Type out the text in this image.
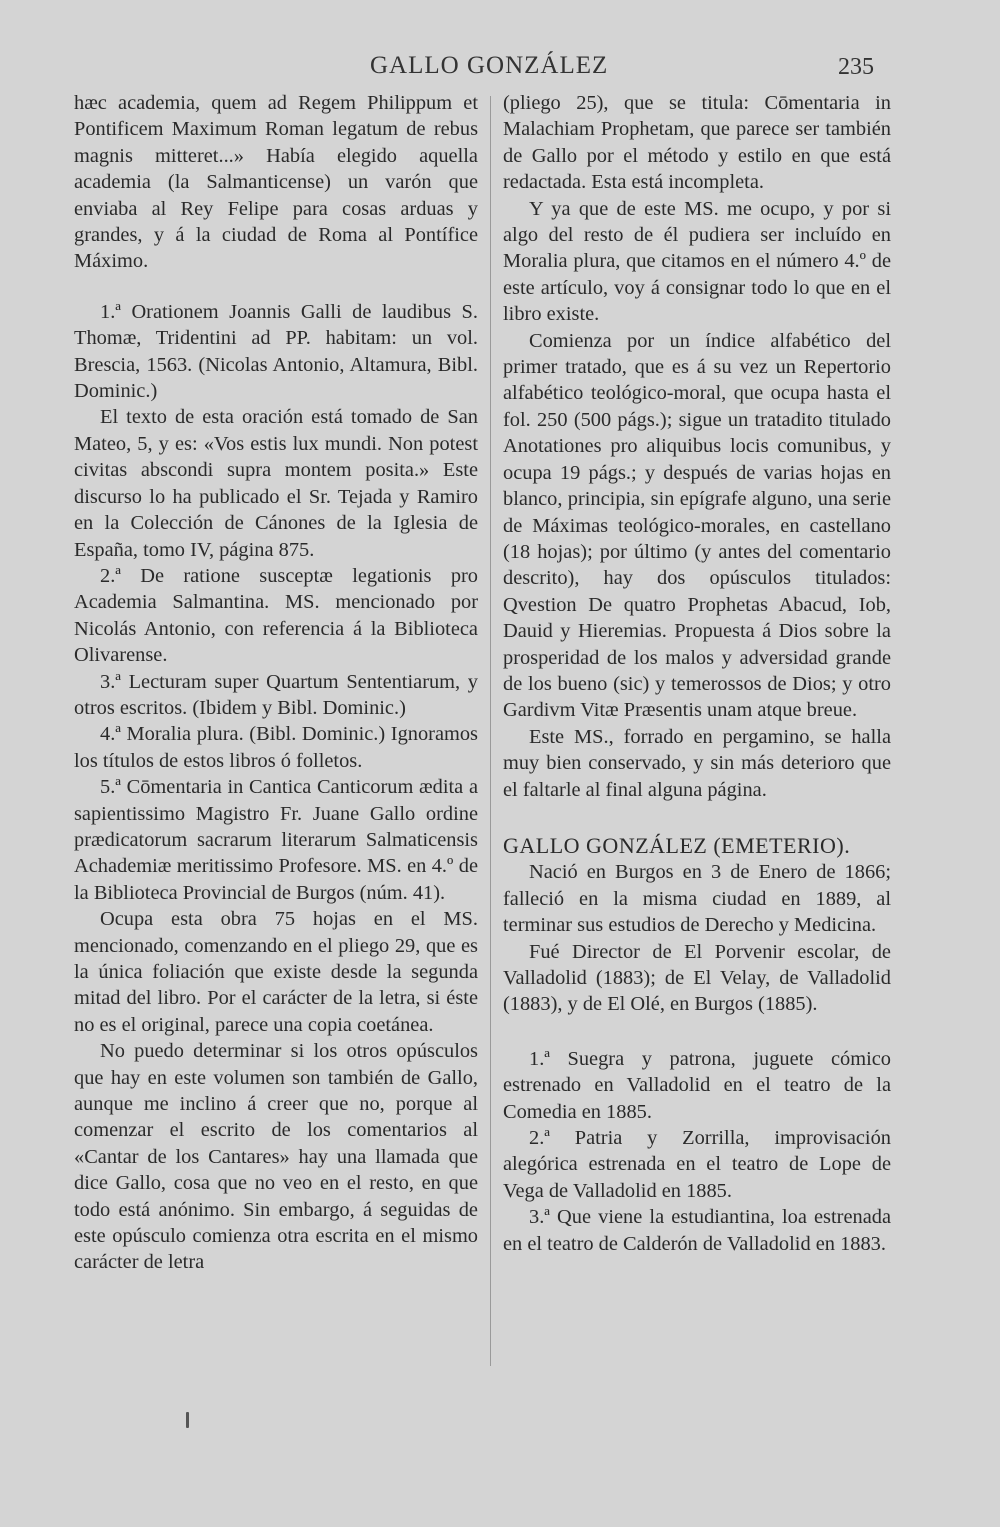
GALLO GONZÁLEZ	235

hæc academia, quem ad Regem Philippum et Pontificem Maximum Roman legatum de rebus magnis mitteret...» Había elegido aquella academia (la Salmanticense) un varón que enviaba al Rey Felipe para cosas arduas y grandes, y á la ciudad de Roma al Pontífice Máximo.

1.ª Orationem Joannis Galli de laudibus S. Thomæ, Tridentini ad PP. habitam: un vol. Brescia, 1563. (Nicolas Antonio, Altamura, Bibl. Dominic.)

El texto de esta oración está tomado de San Mateo, 5, y es: «Vos estis lux mundi. Non potest civitas abscondi supra montem posita.» Este discurso lo ha publicado el Sr. Tejada y Ramiro en la Colección de Cánones de la Iglesia de España, tomo IV, página 875.

2.ª De ratione susceptæ legationis pro Academia Salmantina. MS. mencionado por Nicolás Antonio, con referencia á la Biblioteca Olivarense.

3.ª Lecturam super Quartum Sententiarum, y otros escritos. (Ibidem y Bibl. Dominic.)

4.ª Moralia plura. (Bibl. Dominic.) Ignoramos los títulos de estos libros ó folletos.

5.ª Cōmentaria in Cantica Canticorum ædita a sapientissimo Magistro Fr. Juane Gallo ordine prædicatorum sacrarum literarum Salmaticensis Achademiæ meritissimo Profesore. MS. en 4.º de la Biblioteca Provincial de Burgos (núm. 41).

Ocupa esta obra 75 hojas en el MS. mencionado, comenzando en el pliego 29, que es la única foliación que existe desde la segunda mitad del libro. Por el carácter de la letra, si éste no es el original, parece una copia coetánea.

No puedo determinar si los otros opúsculos que hay en este volumen son también de Gallo, aunque me inclino á creer que no, porque al comenzar el escrito de los comentarios al «Cantar de los Cantares» hay una llamada que dice Gallo, cosa que no veo en el resto, en que todo está anónimo. Sin embargo, á seguidas de este opúsculo comienza otra escrita en el mismo carácter de letra

(pliego 25), que se titula: Cōmentaria in Malachiam Prophetam, que parece ser también de Gallo por el método y estilo en que está redactada. Esta está incompleta.

Y ya que de este MS. me ocupo, y por si algo del resto de él pudiera ser incluído en Moralia plura, que citamos en el número 4.º de este artículo, voy á consignar todo lo que en el libro existe.

Comienza por un índice alfabético del primer tratado, que es á su vez un Repertorio alfabético teológico-moral, que ocupa hasta el fol. 250 (500 págs.); sigue un tratadito titulado Anotationes pro aliquibus locis comunibus, y ocupa 19 págs.; y después de varias hojas en blanco, principia, sin epígrafe alguno, una serie de Máximas teológico-morales, en castellano (18 hojas); por último (y antes del comentario descrito), hay dos opúsculos titulados: Qvestion De quatro Prophetas Abacud, Iob, Dauid y Hieremias. Propuesta á Dios sobre la prosperidad de los malos y adversidad grande de los bueno (sic) y temerossos de Dios; y otro Gardivm Vitæ Præsentis unam atque breue.

Este MS., forrado en pergamino, se halla muy bien conservado, y sin más deterioro que el faltarle al final alguna página.

GALLO GONZÁLEZ (EMETERIO).

Nació en Burgos en 3 de Enero de 1866; falleció en la misma ciudad en 1889, al terminar sus estudios de Derecho y Medicina.

Fué Director de El Porvenir escolar, de Valladolid (1883); de El Velay, de Valladolid (1883), y de El Olé, en Burgos (1885).

1.ª Suegra y patrona, juguete cómico estrenado en Valladolid en el teatro de la Comedia en 1885.

2.ª Patria y Zorrilla, improvisación alegórica estrenada en el teatro de Lope de Vega de Valladolid en 1885.

3.ª Que viene la estudiantina, loa estrenada en el teatro de Calderón de Valladolid en 1883.
